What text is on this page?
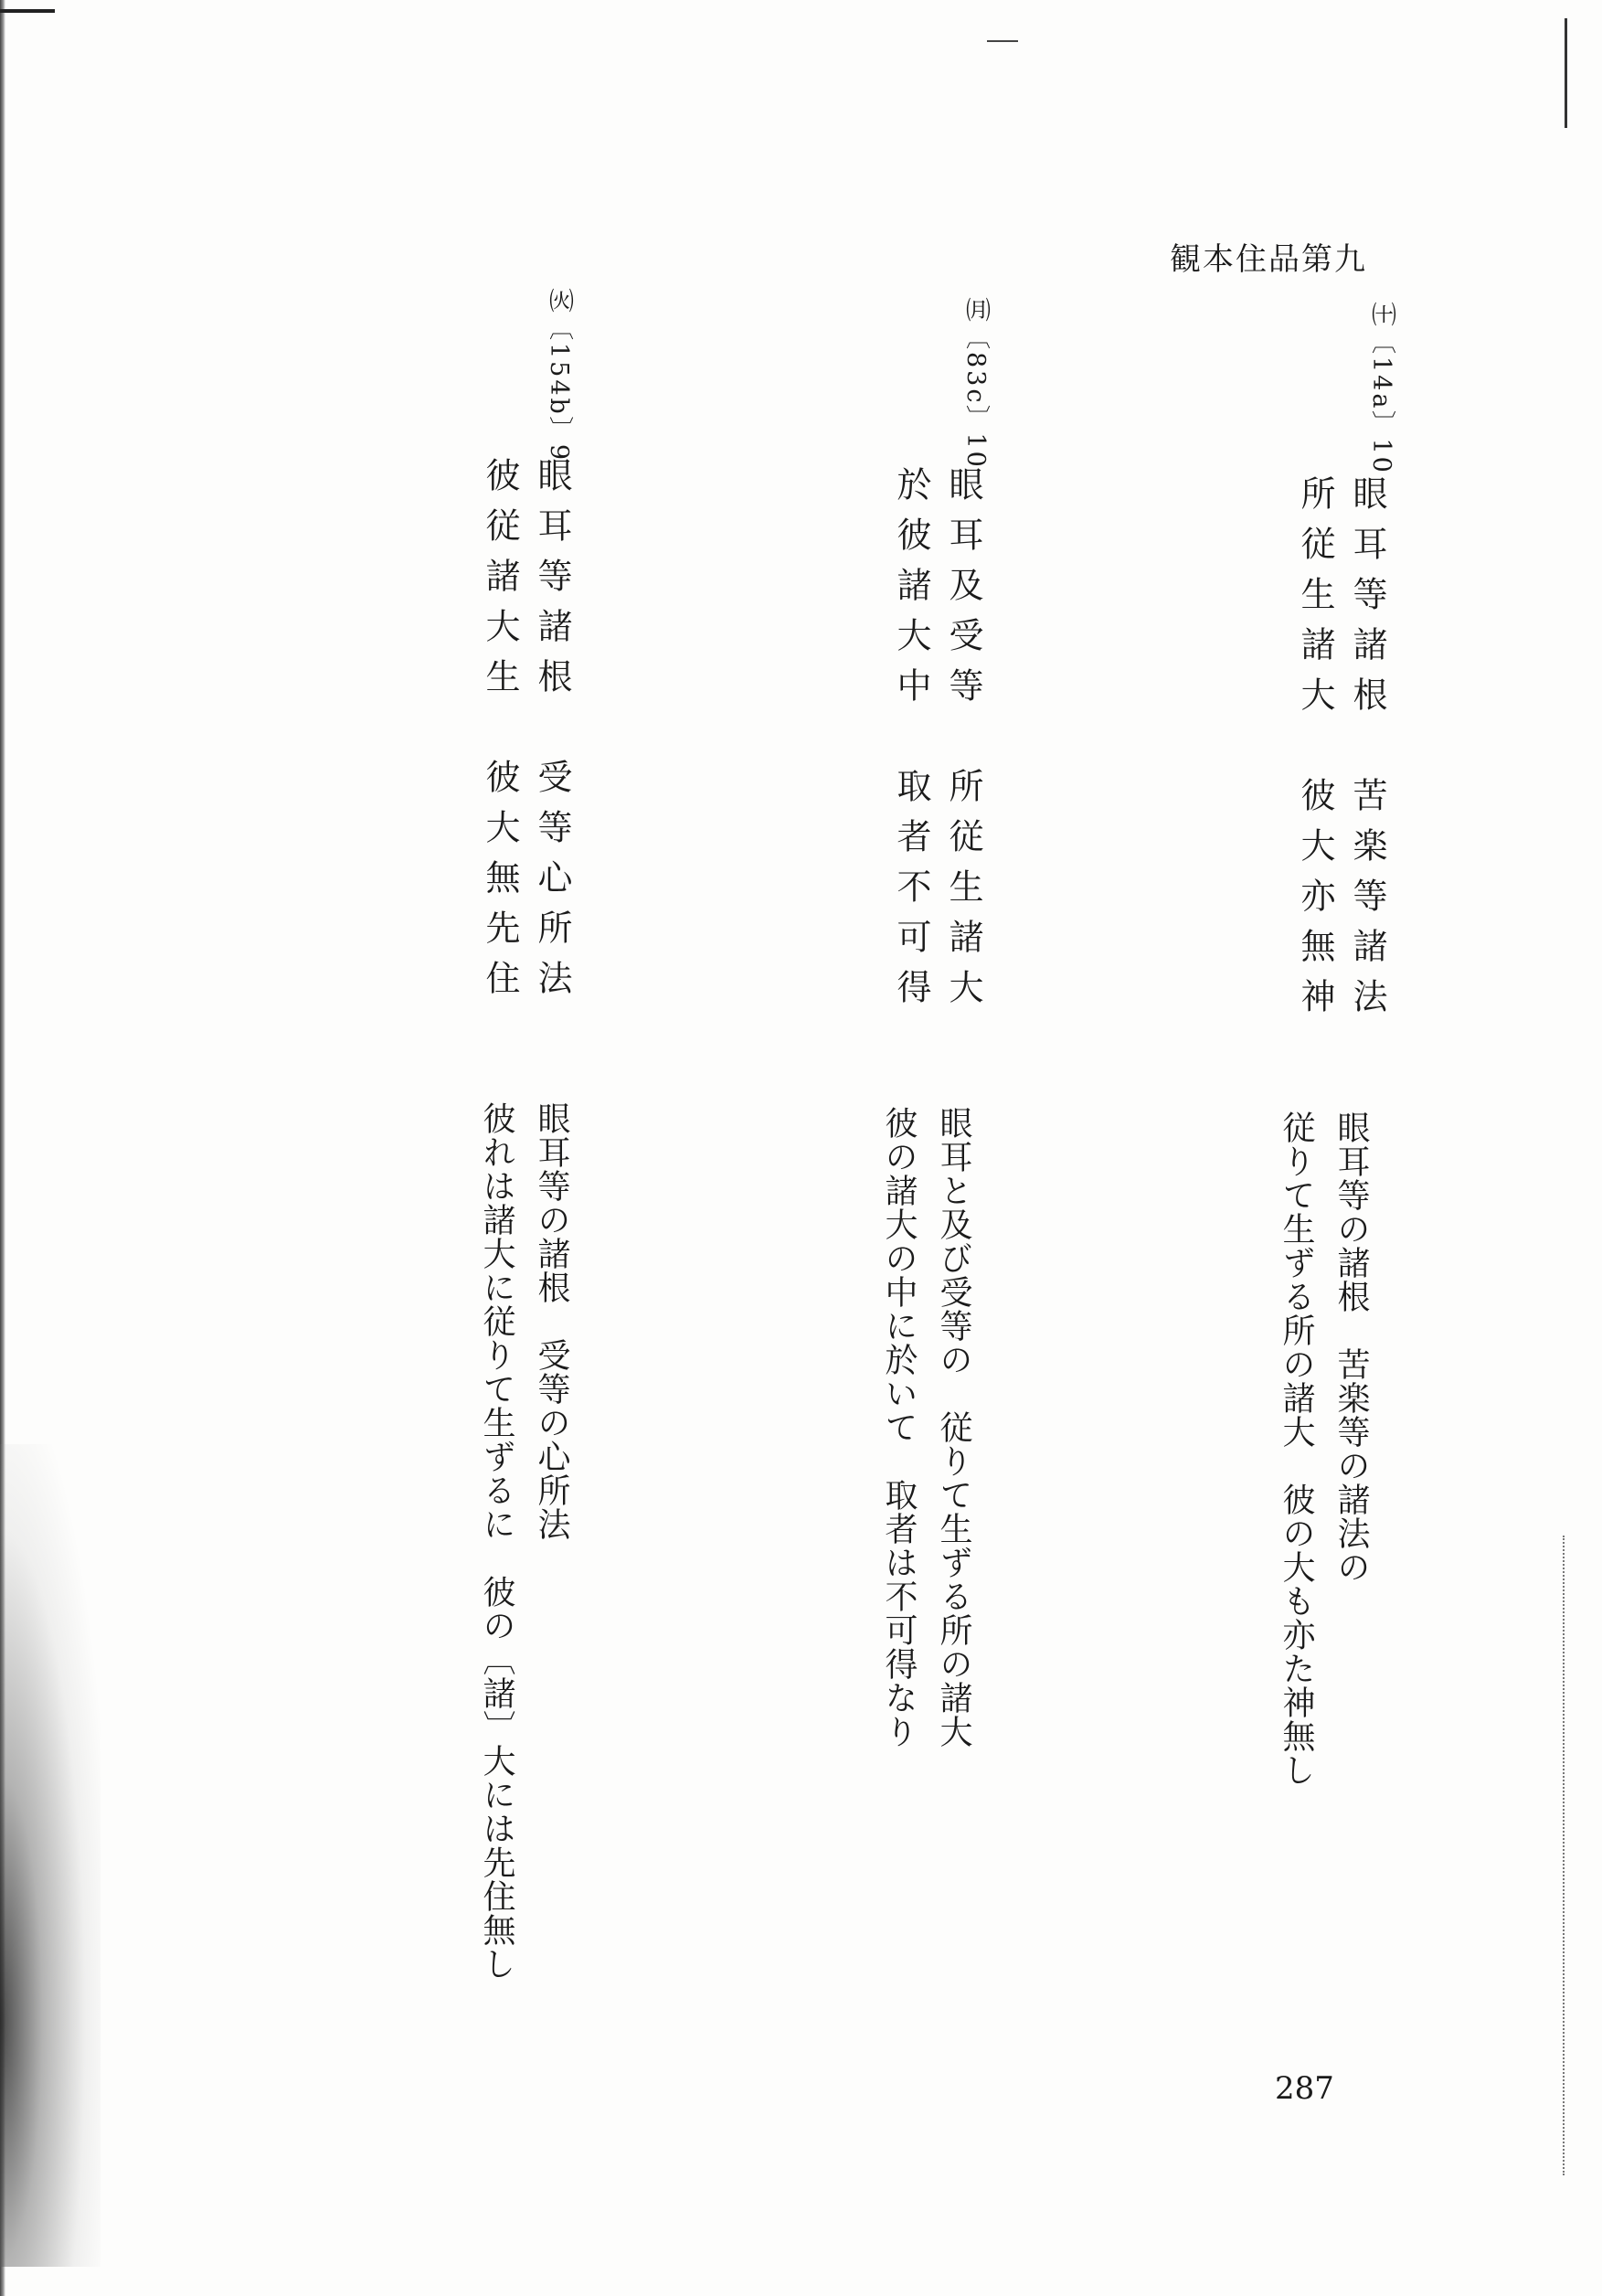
観本住品第九
㈩〔14a〕10
眼耳等諸根　苦楽等諸法
所従生諸大　彼大亦無神
眼耳等の諸根　苦楽等の諸法の
従りて生ずる所の諸大　彼の大も亦た神無し
㈪〔83c〕10
眼耳及受等　所従生諸大
於彼諸大中　取者不可得
眼耳と及び受等の　従りて生ずる所の諸大
彼の諸大の中に於いて　取者は不可得なり
㈫〔154b〕9
眼耳等諸根　受等心所法
彼従諸大生　彼大無先住
眼耳等の諸根　受等の心所法
彼れは諸大に従りて生ずるに　彼の〔諸〕大には先住無し
287
